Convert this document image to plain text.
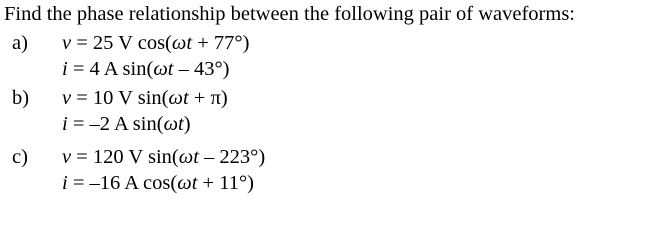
Find the phase relationship between the following pair of waveforms:
a) v = 25 V cos(ωt + 77°)
i = 4 A sin(ωt – 43°)
b) v = 10 V sin(ωt + π)
i = –2 A sin(ωt)
c) v = 120 V sin(ωt – 223°)
i = –16 A cos(ωt + 11°)
